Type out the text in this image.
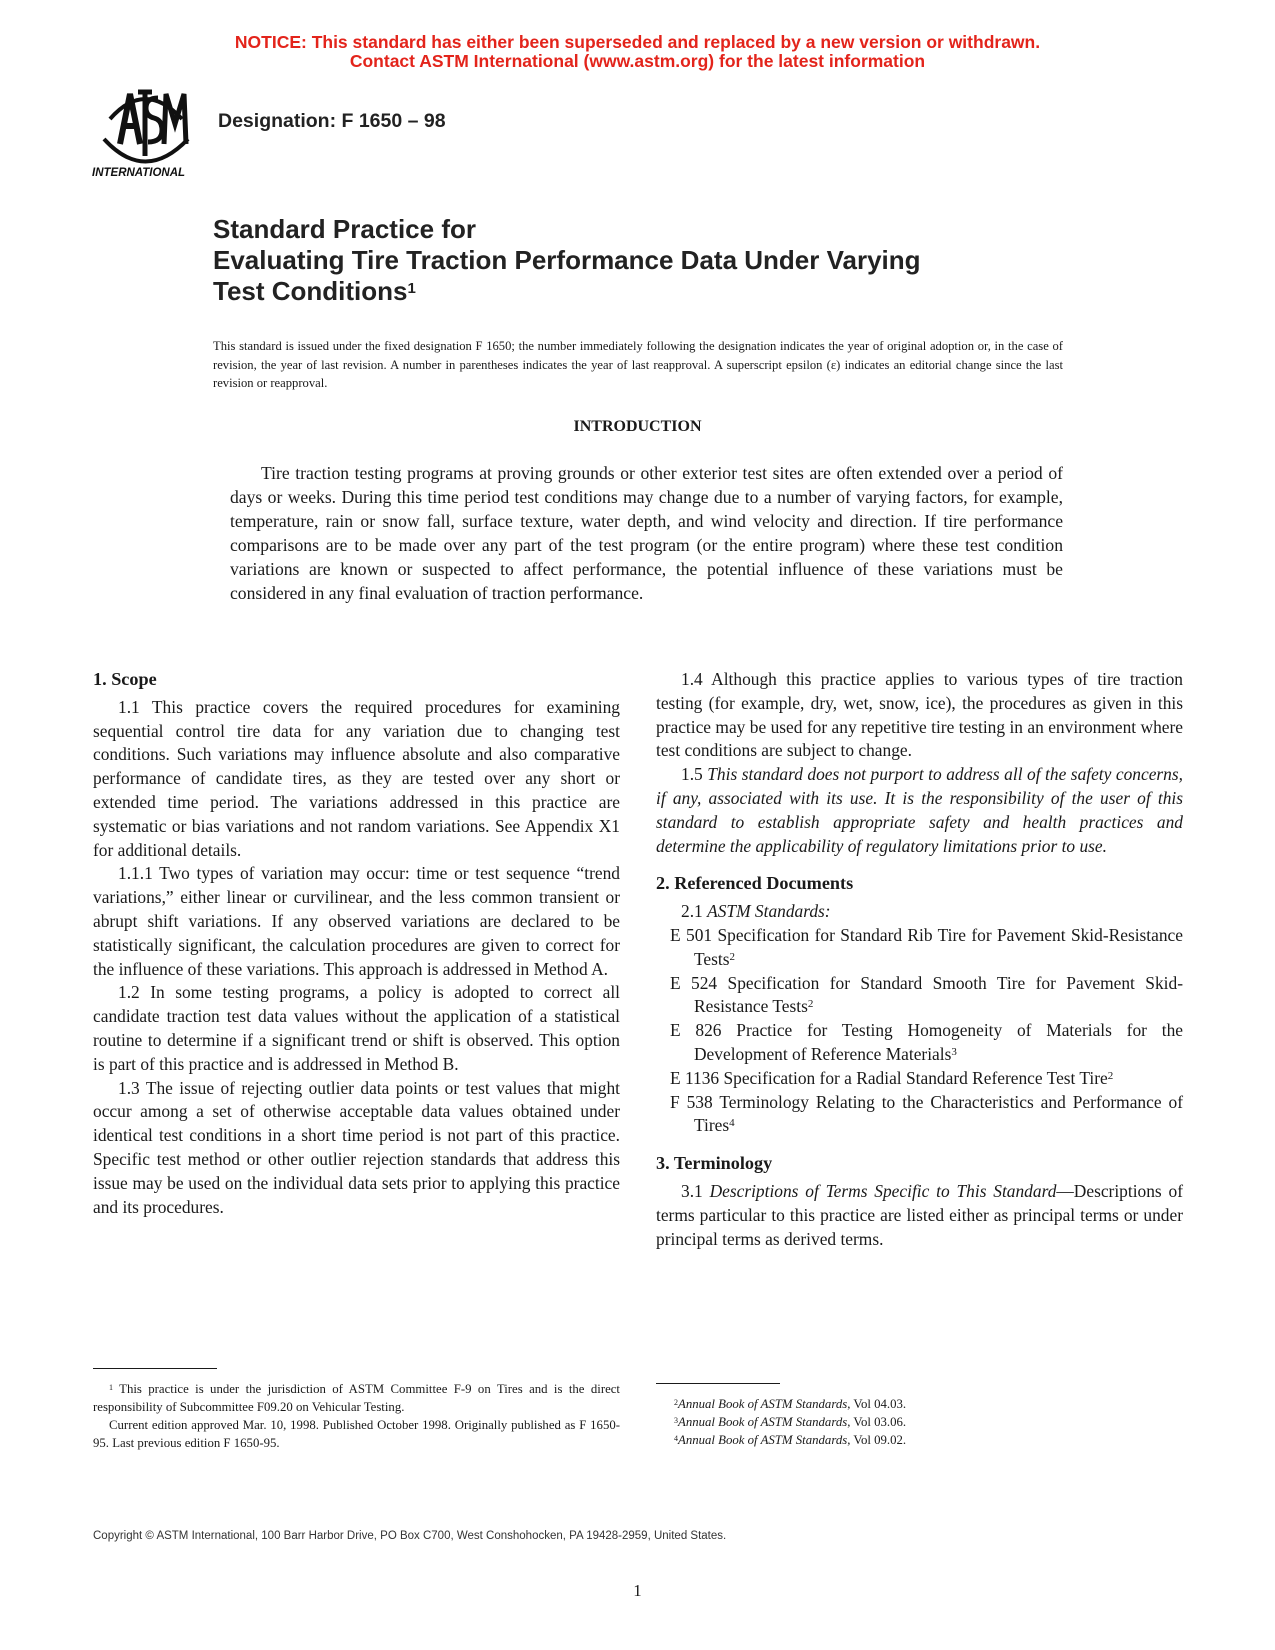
NOTICE: This standard has either been superseded and replaced by a new version or withdrawn.
Contact ASTM International (www.astm.org) for the latest information
INTERNATIONAL
Designation: F 1650 – 98
Standard Practice for
Evaluating Tire Traction Performance Data Under Varying
Test Conditions$^1$
This standard is issued under the fixed designation F 1650; the number immediately following the designation indicates the year of original adoption or, in the case of revision, the year of last revision. A number in parentheses indicates the year of last reapproval. A superscript epsilon (ε) indicates an editorial change since the last revision or reapproval.
INTRODUCTION

Tire traction testing programs at proving grounds or other exterior test sites are often extended over a period of days or weeks. During this time period test conditions may change due to a number of varying factors, for example, temperature, rain or snow fall, surface texture, water depth, and wind velocity and direction. If tire performance comparisons are to be made over any part of the test program (or the entire program) where these test condition variations are known or suspected to affect performance, the potential influence of these variations must be considered in any final evaluation of traction performance.

1. Scope

1.1 This practice covers the required procedures for examining sequential control tire data for any variation due to changing test conditions. Such variations may influence absolute and also comparative performance of candidate tires, as they are tested over any short or extended time period. The variations addressed in this practice are systematic or bias variations and not random variations. See Appendix X1 for additional details.

1.1.1 Two types of variation may occur: time or test sequence “trend variations,” either linear or curvilinear, and the less common transient or abrupt shift variations. If any observed variations are declared to be statistically significant, the calculation procedures are given to correct for the influence of these variations. This approach is addressed in Method A.

1.2 In some testing programs, a policy is adopted to correct all candidate traction test data values without the application of a statistical routine to determine if a significant trend or shift is observed. This option is part of this practice and is addressed in Method B.

1.3 The issue of rejecting outlier data points or test values that might occur among a set of otherwise acceptable data values obtained under identical test conditions in a short time period is not part of this practice. Specific test method or other outlier rejection standards that address this issue may be used on the individual data sets prior to applying this practice and its procedures.

1.4 Although this practice applies to various types of tire traction testing (for example, dry, wet, snow, ice), the procedures as given in this practice may be used for any repetitive tire testing in an environment where test conditions are subject to change.

1.5 This standard does not purport to address all of the safety concerns, if any, associated with its use. It is the responsibility of the user of this standard to establish appropriate safety and health practices and determine the applicability of regulatory limitations prior to use.

2. Referenced Documents

2.1 ASTM Standards:

E 501 Specification for Standard Rib Tire for Pavement Skid-Resistance Tests$^2$

E 524 Specification for Standard Smooth Tire for Pavement Skid-Resistance Tests$^2$

E 826 Practice for Testing Homogeneity of Materials for the Development of Reference Materials$^3$

E 1136 Specification for a Radial Standard Reference Test Tire$^2$

F 538 Terminology Relating to the Characteristics and Performance of Tires$^4$

3. Terminology

3.1 Descriptions of Terms Specific to This Standard—Descriptions of terms particular to this practice are listed either as principal terms or under principal terms as derived terms.

$^1$ This practice is under the jurisdiction of ASTM Committee F-9 on Tires and is the direct responsibility of Subcommittee F09.20 on Vehicular Testing.

Current edition approved Mar. 10, 1998. Published October 1998. Originally published as F 1650-95. Last previous edition F 1650-95.

$^2$Annual Book of ASTM Standards, Vol 04.03.

$^3$Annual Book of ASTM Standards, Vol 03.06.

$^4$Annual Book of ASTM Standards, Vol 09.02.

Copyright © ASTM International, 100 Barr Harbor Drive, PO Box C700, West Conshohocken, PA 19428-2959, United States.
1
